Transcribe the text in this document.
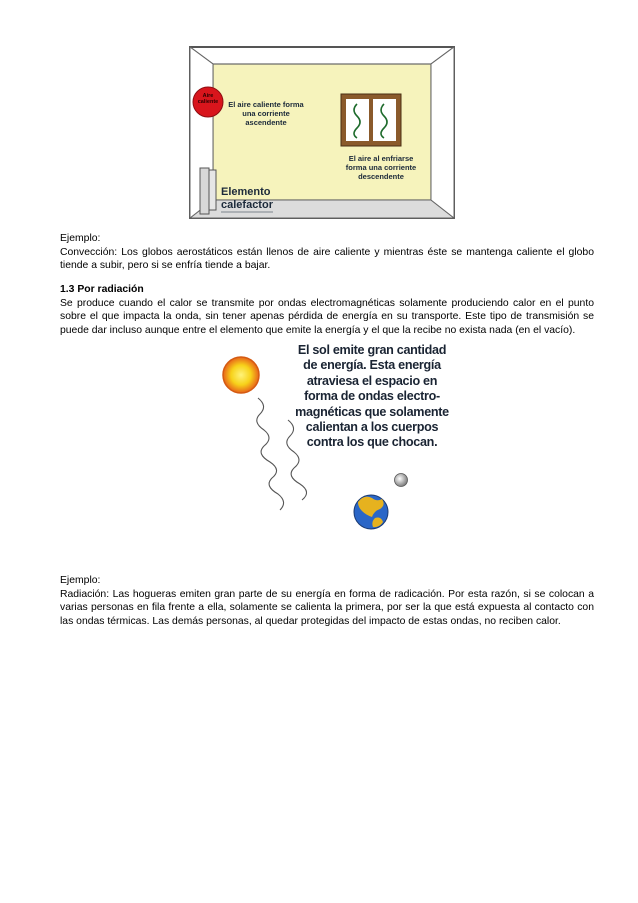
Aire caliente	El aire caliente forma una corriente ascendente
El aire al enfriarse forma una corriente descendente
Elemento calefactor

Ejemplo:

Convección: Los globos aerostáticos están llenos de aire caliente y mientras éste se mantenga caliente el globo tiende a subir, pero si se enfría tiende a bajar.

1.3 Por radiación

Se produce cuando el calor se transmite por ondas electromagnéticas solamente produciendo calor en el punto sobre el que impacta la onda, sin tener apenas pérdida de energía en su transporte. Este tipo de transmisión se puede dar incluso aunque entre el elemento que emite la energía y el que la recibe no exista nada (en el vacío).

El sol emite gran cantidad de energía. Esta energía atraviesa el espacio en forma de ondas electro-magnéticas que solamente calientan a los cuerpos contra los que chocan.

Ejemplo:

Radiación: Las hogueras emiten gran parte de su energía en forma de radicación. Por esta razón, si se colocan a varias personas en fila frente a ella, solamente se calienta la primera, por ser la que está expuesta al contacto con las ondas térmicas. Las demás personas, al quedar protegidas del impacto de estas ondas, no reciben calor.
